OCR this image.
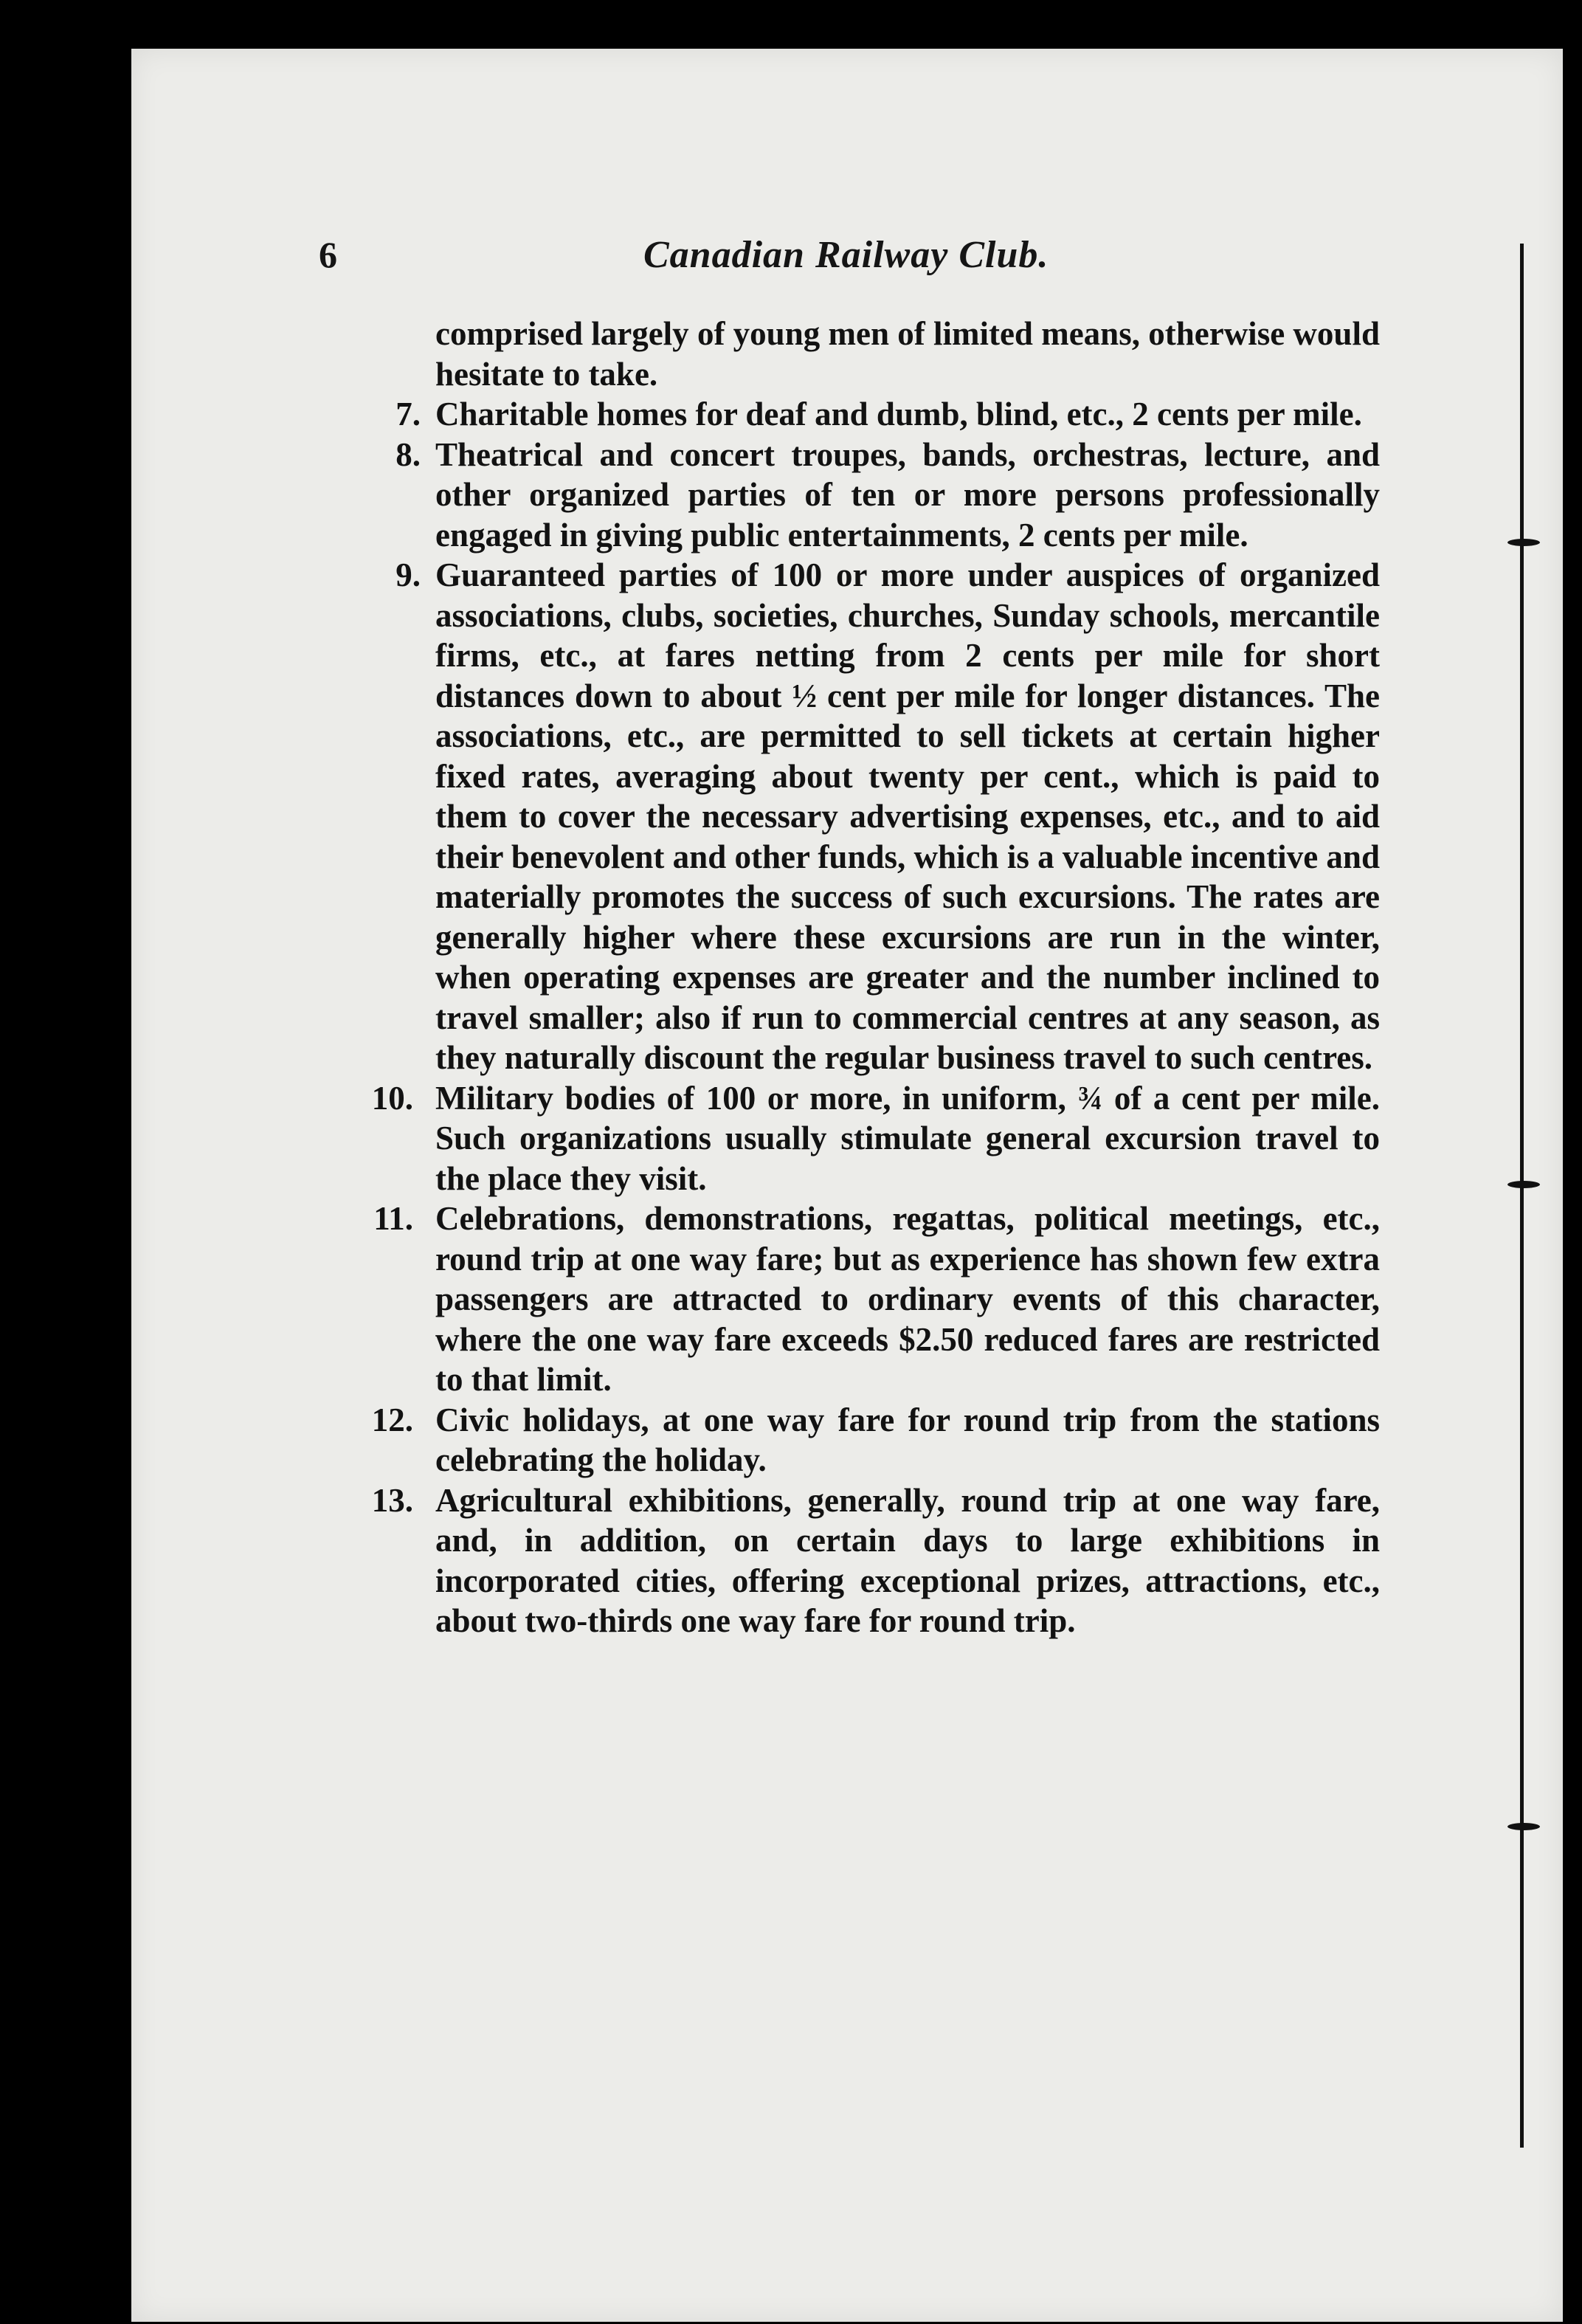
6	Canadian Railway Club.
comprised largely of young men of limited means, otherwise would hesitate to take.
7. Charitable homes for deaf and dumb, blind, etc., 2 cents per mile.
8. Theatrical and concert troupes, bands, orchestras, lecture, and other organized parties of ten or more persons professionally engaged in giving public entertainments, 2 cents per mile.
9. Guaranteed parties of 100 or more under auspices of organized associations, clubs, societies, churches, Sunday schools, mercantile firms, etc., at fares netting from 2 cents per mile for short distances down to about ½ cent per mile for longer distances. The associations, etc., are permitted to sell tickets at certain higher fixed rates, averaging about twenty per cent., which is paid to them to cover the necessary advertising expenses, etc., and to aid their benevolent and other funds, which is a valuable incentive and materially promotes the success of such excursions. The rates are generally higher where these excursions are run in the winter, when operating expenses are greater and the number inclined to travel smaller; also if run to commercial centres at any season, as they naturally discount the regular business travel to such centres.
10. Military bodies of 100 or more, in uniform, ¾ of a cent per mile. Such organizations usually stimulate general excursion travel to the place they visit.
11. Celebrations, demonstrations, regattas, political meetings, etc., round trip at one way fare; but as experience has shown few extra passengers are attracted to ordinary events of this character, where the one way fare exceeds $2.50 reduced fares are restricted to that limit.
12. Civic holidays, at one way fare for round trip from the stations celebrating the holiday.
13. Agricultural exhibitions, generally, round trip at one way fare, and, in addition, on certain days to large exhibitions in incorporated cities, offering exceptional prizes, attractions, etc., about two-thirds one way fare for round trip.
